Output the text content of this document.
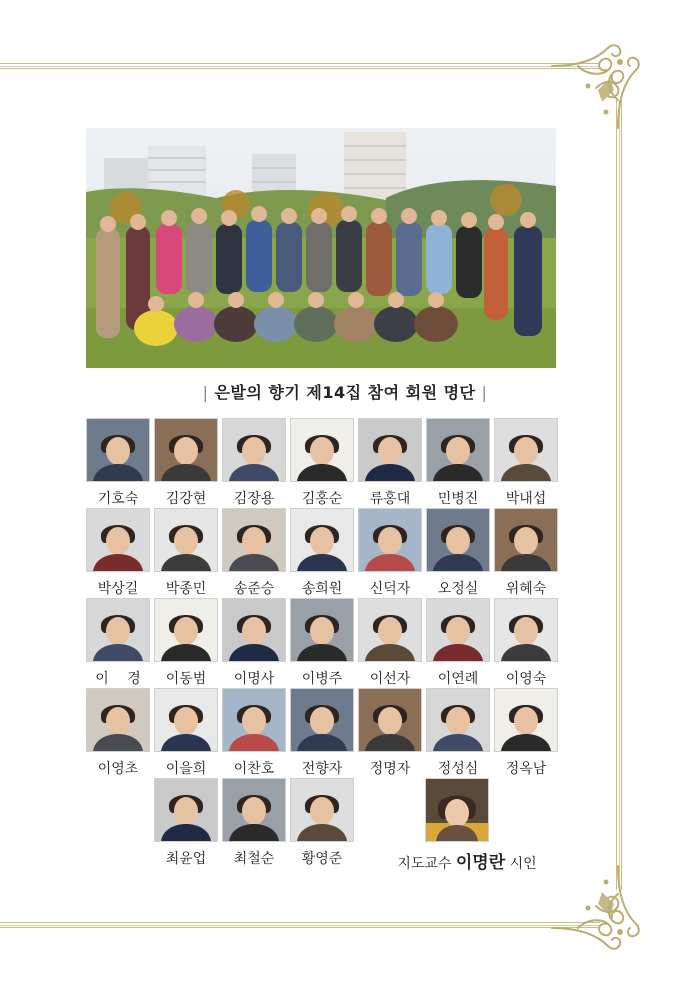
| 은발의 향기 제14집 참여 회원 명단 |
기호숙	김강현	김장용	김홍순	류홍대	민병진	박내섭
박상길	박종민	송준승	송희원	신덕자	오정실	위혜숙
이 　경	이동범	이명사	이병주	이선자	이연례	이영숙
이영초	이을희	이찬호	전향자	정명자	정성심	정옥남
최윤업	최철순	황영준	지도교수 이명란 시인
